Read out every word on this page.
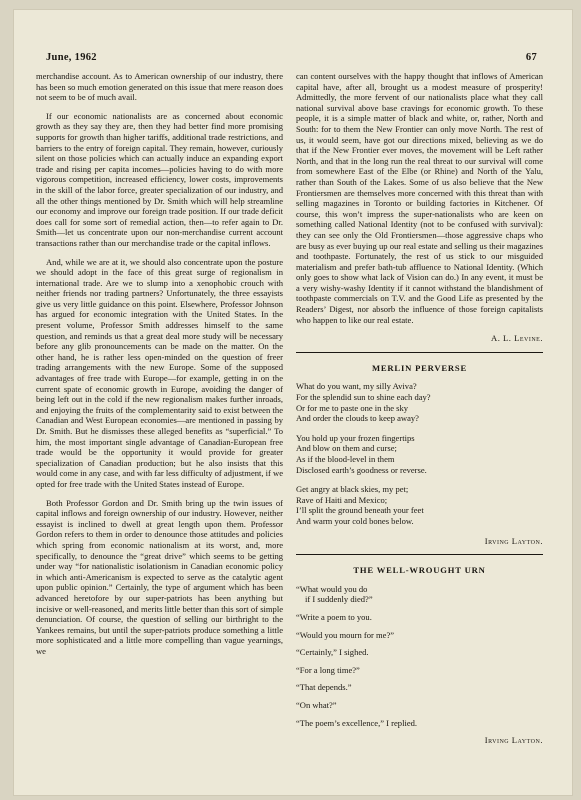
June, 1962	67

merchandise account. As to American ownership of our industry, there has been so much emotion generated on this issue that mere reason does not seem to be of much avail.

If our economic nationalists are as concerned about economic growth as they say they are, then they had better find more promising supports for growth than higher tariffs, additional trade restrictions, and barriers to the entry of foreign capital. They remain, however, curiously silent on those policies which can actually induce an expanding export trade and rising per capita incomes—policies having to do with more vigorous competition, increased efficiency, lower costs, improvements in the skill of the labor force, greater specialization of our industry, and all the other things mentioned by Dr. Smith which will help streamline our economy and improve our foreign trade position. If our trade deficit does call for some sort of remedial action, then—to refer again to Dr. Smith—let us concentrate upon our non-merchandise current account transactions rather than our merchandise trade or the capital inflows.

And, while we are at it, we should also concentrate upon the posture we should adopt in the face of this great surge of regionalism in international trade. Are we to slump into a xenophobic crouch with neither friends nor trading partners? Unfortunately, the three essayists give us very little guidance on this point. Elsewhere, Professor Johnson has argued for economic integration with the United States. In the present volume, Professor Smith addresses himself to the same question, and reminds us that a great deal more study will be necessary before any glib pronouncements can be made on the matter. On the other hand, he is rather less open-minded on the question of freer trading arrangements with the new Europe. Some of the supposed advantages of free trade with Europe—for example, getting in on the current spate of economic growth in Europe, avoiding the danger of being left out in the cold if the new regionalism makes further inroads, and enjoying the fruits of the complementarity said to exist between the Canadian and West European economies—are mentioned in passing by Dr. Smith. But he dismisses these alleged benefits as “superficial.” To him, the most important single advantage of Canadian-European free trade would be the opportunity it would provide for greater specialization of Canadian production; but he also insists that this would come in any case, and with far less difficulty of adjustment, if we opted for free trade with the United States instead of Europe.

Both Professor Gordon and Dr. Smith bring up the twin issues of capital inflows and foreign ownership of our industry. However, neither essayist is inclined to dwell at great length upon them. Professor Gordon refers to them in order to denounce those attitudes and policies which spring from economic nationalism at its worst, and, more specifically, to denounce the “great drive” which seems to be getting under way “for nationalistic isolationism in Canadian economic policy in which anti-Americanism is expected to serve as the catalytic agent upon public opinion.” Certainly, the type of argument which has been advanced heretofore by our super-patriots has been anything but incisive or well-reasoned, and merits little better than this sort of simple denunciation. Of course, the question of selling our birthright to the Yankees remains, but until the super-patriots produce something a little more sophisticated and a little more compelling than vague yearnings, we

can content ourselves with the happy thought that inflows of American capital have, after all, brought us a modest measure of prosperity! Admittedly, the more fervent of our nationalists place what they call national survival above base cravings for economic growth. To these people, it is a simple matter of black and white, or, rather, North and South: for to them the New Frontier can only move North. The rest of us, it would seem, have got our directions mixed, believing as we do that if the New Frontier ever moves, the movement will be Left rather North, and that in the long run the real threat to our survival will come from somewhere East of the Elbe (or Rhine) and North of the Yalu, rather than South of the Lakes. Some of us also believe that the New Frontiersmen are themselves more concerned with this threat than with selling magazines in Toronto or building factories in Kitchener. Of course, this won’t impress the super-nationalists who are keen on something called National Identity (not to be confused with survival): they can see only the Old Frontiersmen—those aggressive chaps who are busy as ever buying up our real estate and selling us their magazines and toothpaste. Fortunately, the rest of us stick to our misguided materialism and prefer bath-tub affluence to National Identity. (Which only goes to show what lack of Vision can do.) In any event, it must be a very wishy-washy Identity if it cannot withstand the blandishment of toothpaste commercials on T.V. and the Good Life as presented by the Readers’ Digest, nor absorb the influence of those foreign capitalists who happen to like our real estate.

A. L. Levine.
MERLIN PERVERSE
What do you want, my silly Aviva?
For the splendid sun to shine each day?
Or for me to paste one in the sky
And order the clouds to keep away?
You hold up your frozen fingertips
And blow on them and curse;
As if the blood-level in them
Disclosed earth’s goodness or reverse.
Get angry at black skies, my pet;
Rave of Haiti and Mexico;
I’ll split the ground beneath your feet
And warm your cold bones below.
Irving Layton.
THE WELL-WROUGHT URN
“What would you do
if I suddenly died?”
“Write a poem to you.
“Would you mourn for me?”
“Certainly,” I sighed.
“For a long time?”
“That depends.”
“On what?”
“The poem’s excellence,” I replied.
Irving Layton.
